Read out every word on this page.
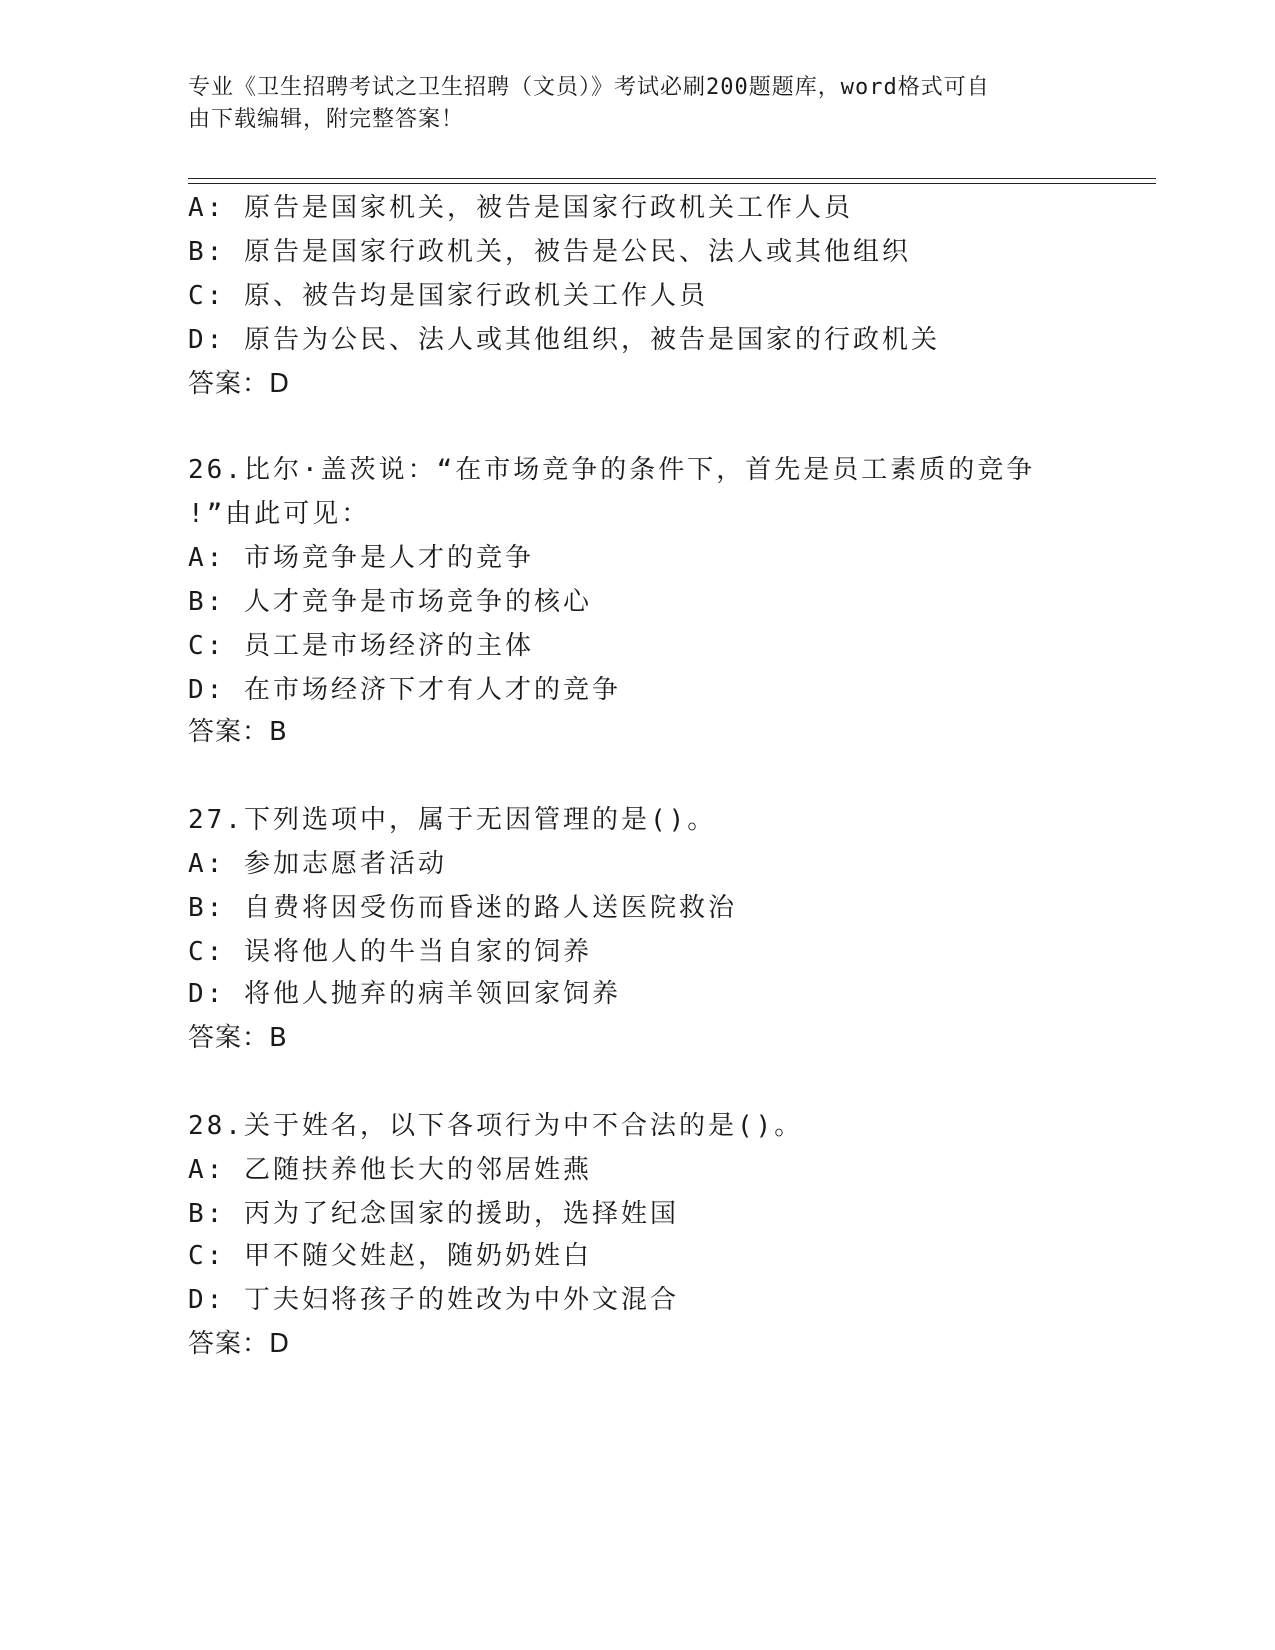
专业《卫生招聘考试之卫生招聘（文员）》考试必刷200题题库，word格式可自
由下载编辑，附完整答案！
A: 原告是国家机关，被告是国家行政机关工作人员
B: 原告是国家行政机关，被告是公民、法人或其他组织
C: 原、被告均是国家行政机关工作人员
D: 原告为公民、法人或其他组织，被告是国家的行政机关
答案：D
26.比尔·盖茨说：“在市场竞争的条件下，首先是员工素质的竞争
!”由此可见：
A: 市场竞争是人才的竞争
B: 人才竞争是市场竞争的核心
C: 员工是市场经济的主体
D: 在市场经济下才有人才的竞争
答案：B
27.下列选项中，属于无因管理的是()。
A: 参加志愿者活动
B: 自费将因受伤而昏迷的路人送医院救治
C: 误将他人的牛当自家的饲养
D: 将他人抛弃的病羊领回家饲养
答案：B
28.关于姓名，以下各项行为中不合法的是()。
A: 乙随扶养他长大的邻居姓燕
B: 丙为了纪念国家的援助，选择姓国
C: 甲不随父姓赵，随奶奶姓白
D: 丁夫妇将孩子的姓改为中外文混合
答案：D
